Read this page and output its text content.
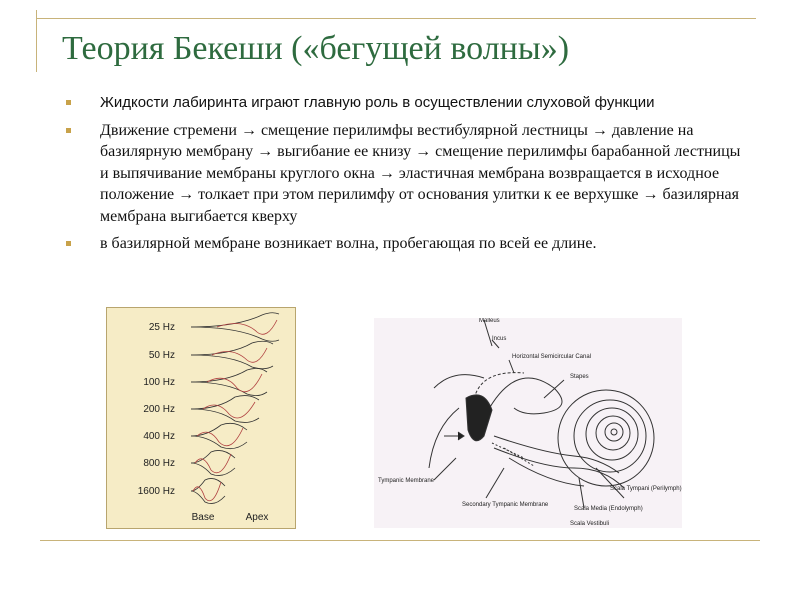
Теория Бекеши («бегущей волны»)
Жидкости лабиринта играют главную роль в осуществлении слуховой функции
Движение стремени → смещение перилимфы вестибулярной лестницы → давление на базилярную мембрану → выгибание ее книзу → смещение перилимфы барабанной лестницы и выпячивание мембраны круглого окна → эластичная мембрана возвращается в исходное положение → толкает при этом перилимфу от основания улитки к ее верхушке → базилярная мембрана выгибается кверху
в базилярной мембране возникает волна, пробегающая по всей ее длине.
25 Hz
50 Hz
100 Hz
200 Hz
400 Hz
800 Hz
1600 Hz
Base	Apex
Malleus
Incus
Horizontal Semicircular Canal
Stapes
Tympanic Membrane
Secondary Tympanic Membrane
Scala Tympani (Perilymph)
Scala Media (Endolymph)
Scala Vestibuli
